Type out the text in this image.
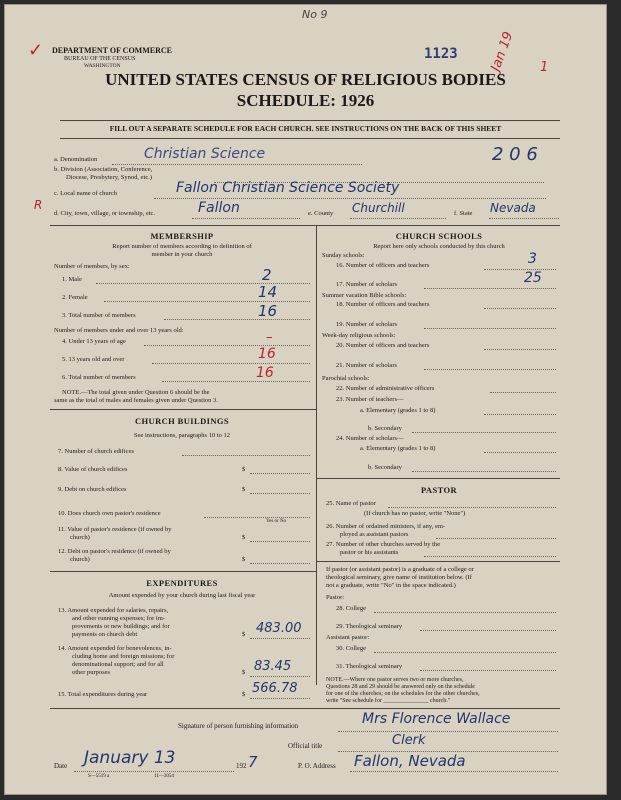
✓
1
No 9
Jan 19
DEPARTMENT OF COMMERCE
BUREAU OF THE CENSUS
WASHINGTON
1123
UNITED STATES CENSUS OF RELIGIOUS BODIES
SCHEDULE: 1926
FILL OUT A SEPARATE SCHEDULE FOR EACH CHURCH. SEE INSTRUCTIONS ON THE BACK OF THIS SHEET
a. Denomination	Christian Science	2 0 6
b. Division (Association, Conference,
Diocese, Presbytery, Synod, etc.)
c. Local name of church	Fallon Christian Science Society
R
d. City, town, village, or township, etc.	Fallon	e. County Churchill	f. State Nevada
MEMBERSHIP
Report number of members according to definition of
member in your church
Number of members, by sex:
1. Male	2
2. Female	14
3. Total number of members	16
Number of members under and over 13 years old:
4. Under 13 years of age	–
5. 13 years old and over	16
6. Total number of members	16
NOTE.—The total given under Question 6 should be the
same as the total of males and females given under Question 3.
CHURCH BUILDINGS
See instructions, paragraphs 10 to 12
7. Number of church edifices
8. Value of church edifices	$
9. Debt on church edifices	$
10. Does church own pastor's residence
Yes or No
11. Value of pastor's residence (if owned by
church)	$
12. Debt on pastor's residence (if owned by
church)	$
EXPENDITURES
Amount expended by your church during last fiscal year
13. Amount expended for salaries, repairs,
and other running expenses; for im-
provements or new buildings; and for
payments on church debt	$ 483.00
14. Amount expended for benevolences, in-
cluding home and foreign missions; for
denominational support; and for all
other purposes	$ 83.45
15. Total expenditures during year	$ 566.78
CHURCH SCHOOLS
Report here only schools conducted by this church
Sunday schools:
16. Number of officers and teachers	3
17. Number of scholars	25
Summer vacation Bible schools:
18. Number of officers and teachers
19. Number of scholars
Week-day religious schools:
20. Number of officers and teachers
21. Number of scholars
Parochial schools:
22. Number of administrative officers
23. Number of teachers—
a. Elementary (grades 1 to 8)
b. Secondary
24. Number of scholars—
a. Elementary (grades 1 to 8)
b. Secondary
PASTOR
25. Name of pastor
(If church has no pastor, write "None")
26. Number of ordained ministers, if any, em-
ployed as assistant pastors
27. Number of other churches served by the
pastor or his assistants
If pastor (or assistant pastor) is a graduate of a college or
theological seminary, give name of institution below. (If
not a graduate, write "No" in the space indicated.)
Pastor:
28. College
29. Theological seminary
Assistant pastor:
30. College
31. Theological seminary
NOTE.—Where one pastor serves two or more churches,
Questions 28 and 29 should be answered only on the schedule
for one of the churches; on the schedules for the other churches,
write "See schedule for _______________ church."
Signature of person furnishing information	Mrs Florence Wallace
Official title	Clerk
Date January 13	192 7	P. O. Address Fallon, Nevada
S—5519 a	11—3054
